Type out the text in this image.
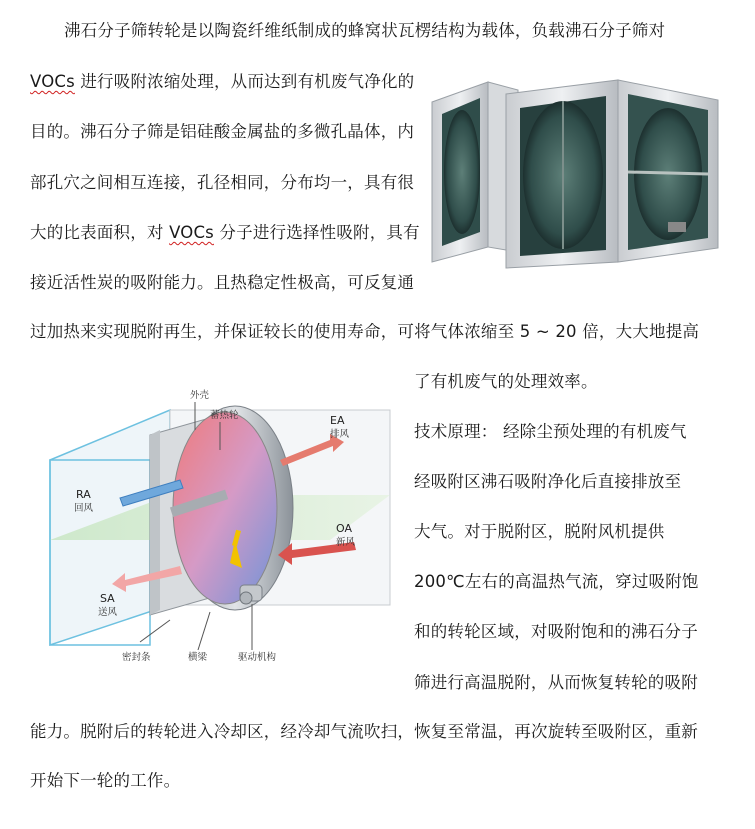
沸石分子筛转轮是以陶瓷纤维纸制成的蜂窝状瓦楞结构为载体，负载沸石分子筛对
VOCs 进行吸附浓缩处理，从而达到有机废气净化的
目的。沸石分子筛是铝硅酸金属盐的多微孔晶体，内
部孔穴之间相互连接，孔径相同，分布均一，具有很
大的比表面积，对 VOCs 分子进行选择性吸附，具有
接近活性炭的吸附能力。且热稳定性极高，可反复通
过加热来实现脱附再生，并保证较长的使用寿命，可将气体浓缩至 5 ~ 20 倍，大大地提高
了有机废气的处理效率。
技术原理： 经除尘预处理的有机废气
经吸附区沸石吸附净化后直接排放至
大气。对于脱附区，脱附风机提供
200℃左右的高温热气流，穿过吸附饱
和的转轮区域，对吸附饱和的沸石分子
筛进行高温脱附，从而恢复转轮的吸附
能力。脱附后的转轮进入冷却区，经冷却气流吹扫，恢复至常温，再次旋转至吸附区，重新
开始下一轮的工作。
外壳
蓄热轮	EA
排风
RA
回风
OA
新风
SA
送风
密封条	横梁	驱动机构
